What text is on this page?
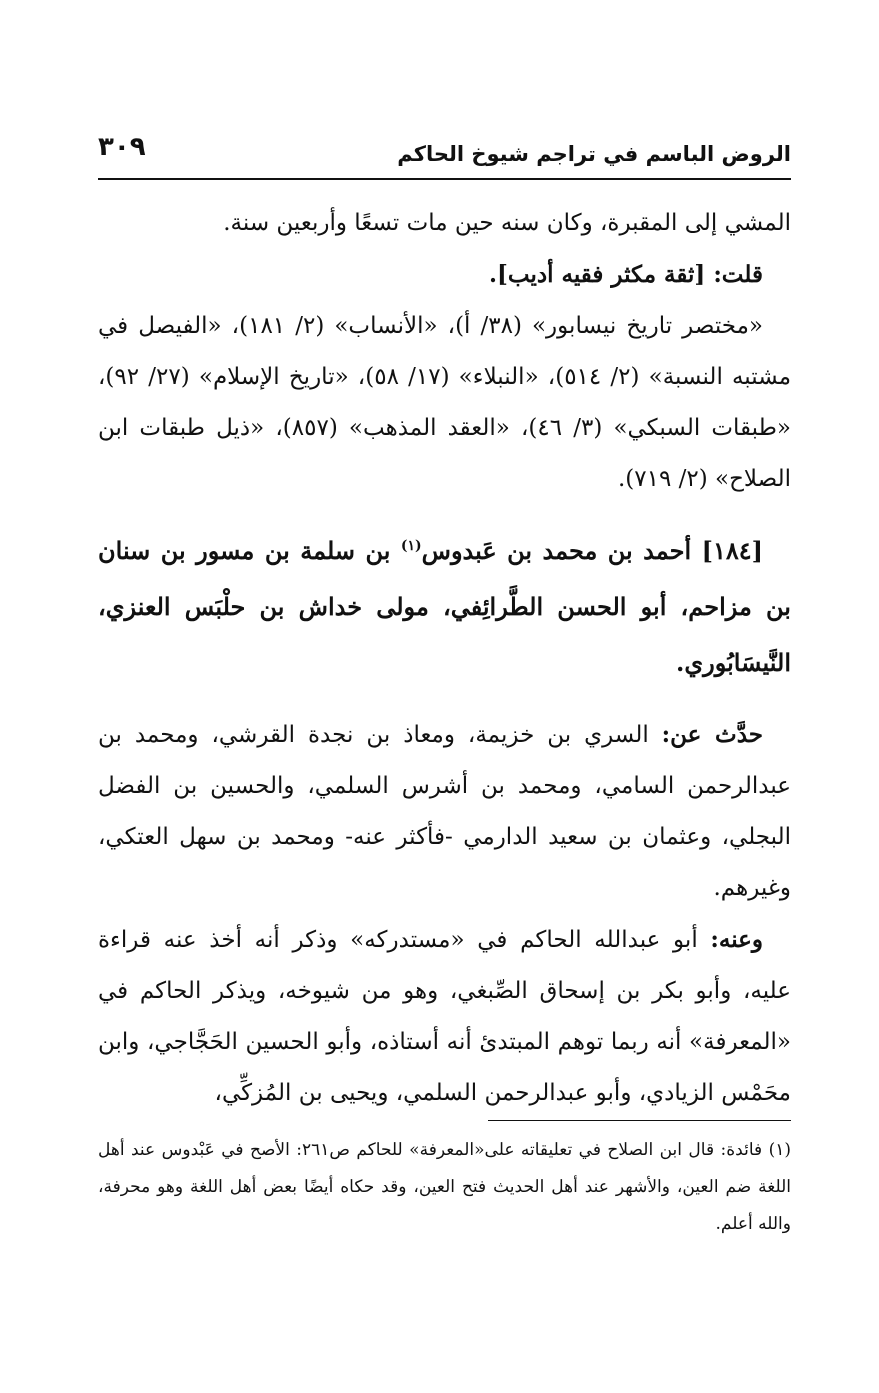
الروض الباسم في تراجم شيوخ الحاكم
٣٠٩

المشي إلى المقبرة، وكان سنه حين مات تسعًا وأربعين سنة.

قلت: [ثقة مكثر فقيه أديب].

«مختصر تاريخ نيسابور» (٣٨/ أ)، «الأنساب» (٢/ ١٨١)، «الفيصل في مشتبه النسبة» (٢/ ٥١٤)، «النبلاء» (١٧/ ٥٨)، «تاريخ الإسلام» (٢٧/ ٩٢)، «طبقات السبكي» (٣/ ٤٦)، «العقد المذهب» (٨٥٧)، «ذيل طبقات ابن الصلاح» (٢/ ٧١٩).

[١٨٤] أحمد بن محمد بن عَبدوس$^{(١)}$ بن سلمة بن مسور بن سنان بن مزاحم، أبو الحسن الطَّرائِفي، مولى خداش بن حلْبَس العنزي، النَّيسَابُوري.

حدَّث عن: السري بن خزيمة، ومعاذ بن نجدة القرشي، ومحمد بن عبدالرحمن السامي، ومحمد بن أشرس السلمي، والحسين بن الفضل البجلي، وعثمان بن سعيد الدارمي -فأكثر عنه- ومحمد بن سهل العتكي، وغيرهم.

وعنه: أبو عبدالله الحاكم في «مستدركه» وذكر أنه أخذ عنه قراءة عليه، وأبو بكر بن إسحاق الصِّبغي، وهو من شيوخه، ويذكر الحاكم في «المعرفة» أنه ربما توهم المبتدئ أنه أستاذه، وأبو الحسين الحَجَّاجي، وابن محَمْس الزيادي، وأبو عبدالرحمن السلمي، ويحيى بن المُزكِّي،

(١) فائدة: قال ابن الصلاح في تعليقاته على«المعرفة» للحاكم ص٢٦١: الأصح في عَبْدوس عند أهل اللغة ضم العين، والأشهر عند أهل الحديث فتح العين، وقد حكاه أيضًا بعض أهل اللغة وهو محرفة، والله أعلم.
